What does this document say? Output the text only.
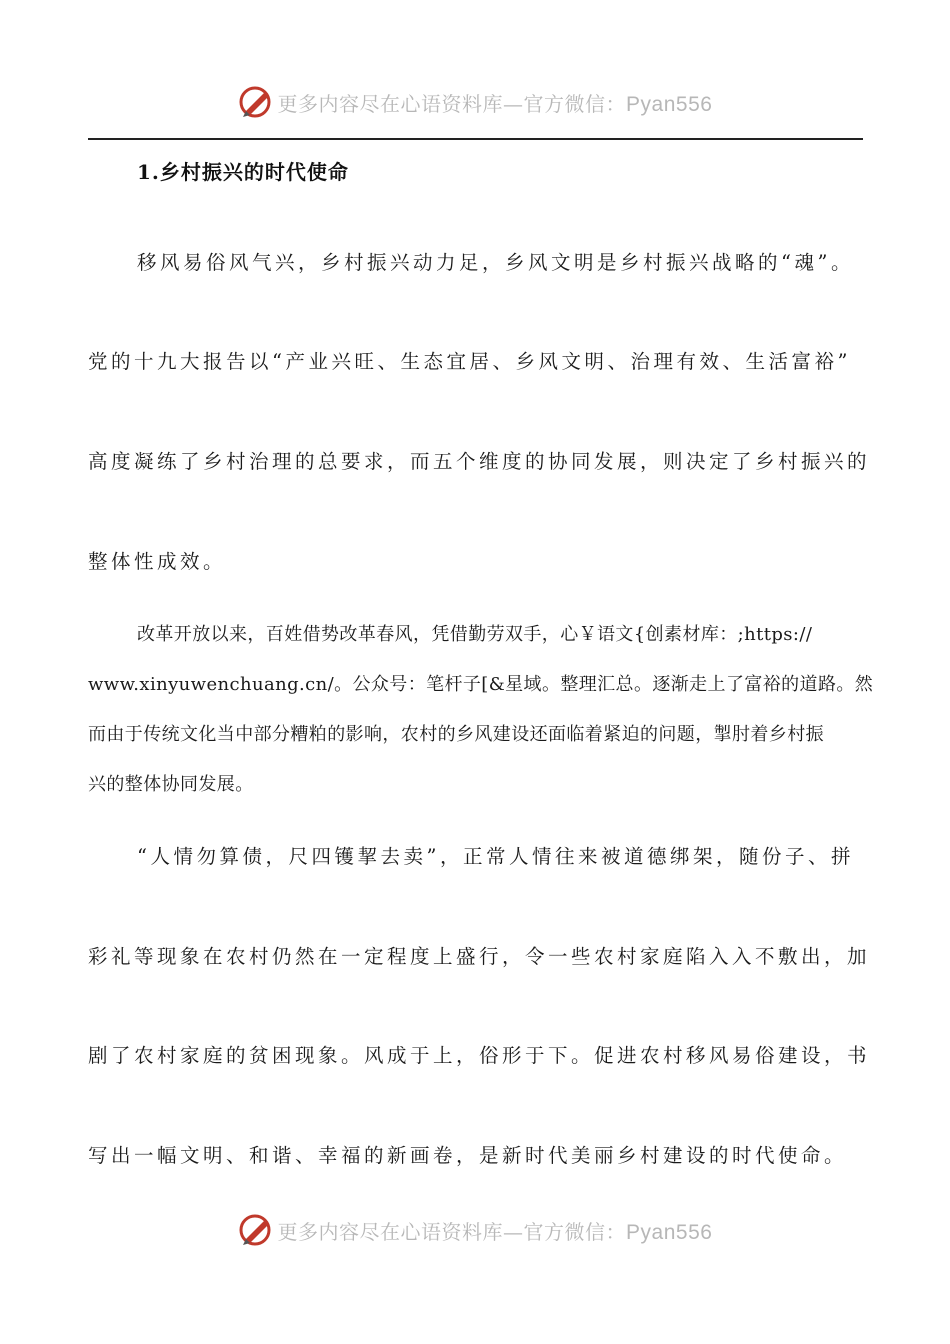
更多内容尽在心语资料库—官方微信：Pyan556
1.乡村振兴的时代使命
移风易俗风气兴，乡村振兴动力足，乡风文明是乡村振兴战略的“魂”。
党的十九大报告以“产业兴旺、生态宜居、乡风文明、治理有效、生活富裕”
高度凝练了乡村治理的总要求，而五个维度的协同发展，则决定了乡村振兴的
整体性成效。
改革开放以来，百姓借势改革春风，凭借勤劳双手，心￥语文{创素材库：;https://
www.xinyuwenchuang.cn/。公众号：笔杆子[&星域。整理汇总。逐渐走上了富裕的道路。然
而由于传统文化当中部分糟粕的影响，农村的乡风建设还面临着紧迫的问题，掣肘着乡村振
兴的整体协同发展。
“人情勿算债，尺四镬挈去卖”，正常人情往来被道德绑架，随份子、拼
彩礼等现象在农村仍然在一定程度上盛行，令一些农村家庭陷入入不敷出，加
剧了农村家庭的贫困现象。风成于上，俗形于下。促进农村移风易俗建设，书
写出一幅文明、和谐、幸福的新画卷，是新时代美丽乡村建设的时代使命。
更多内容尽在心语资料库—官方微信：Pyan556
